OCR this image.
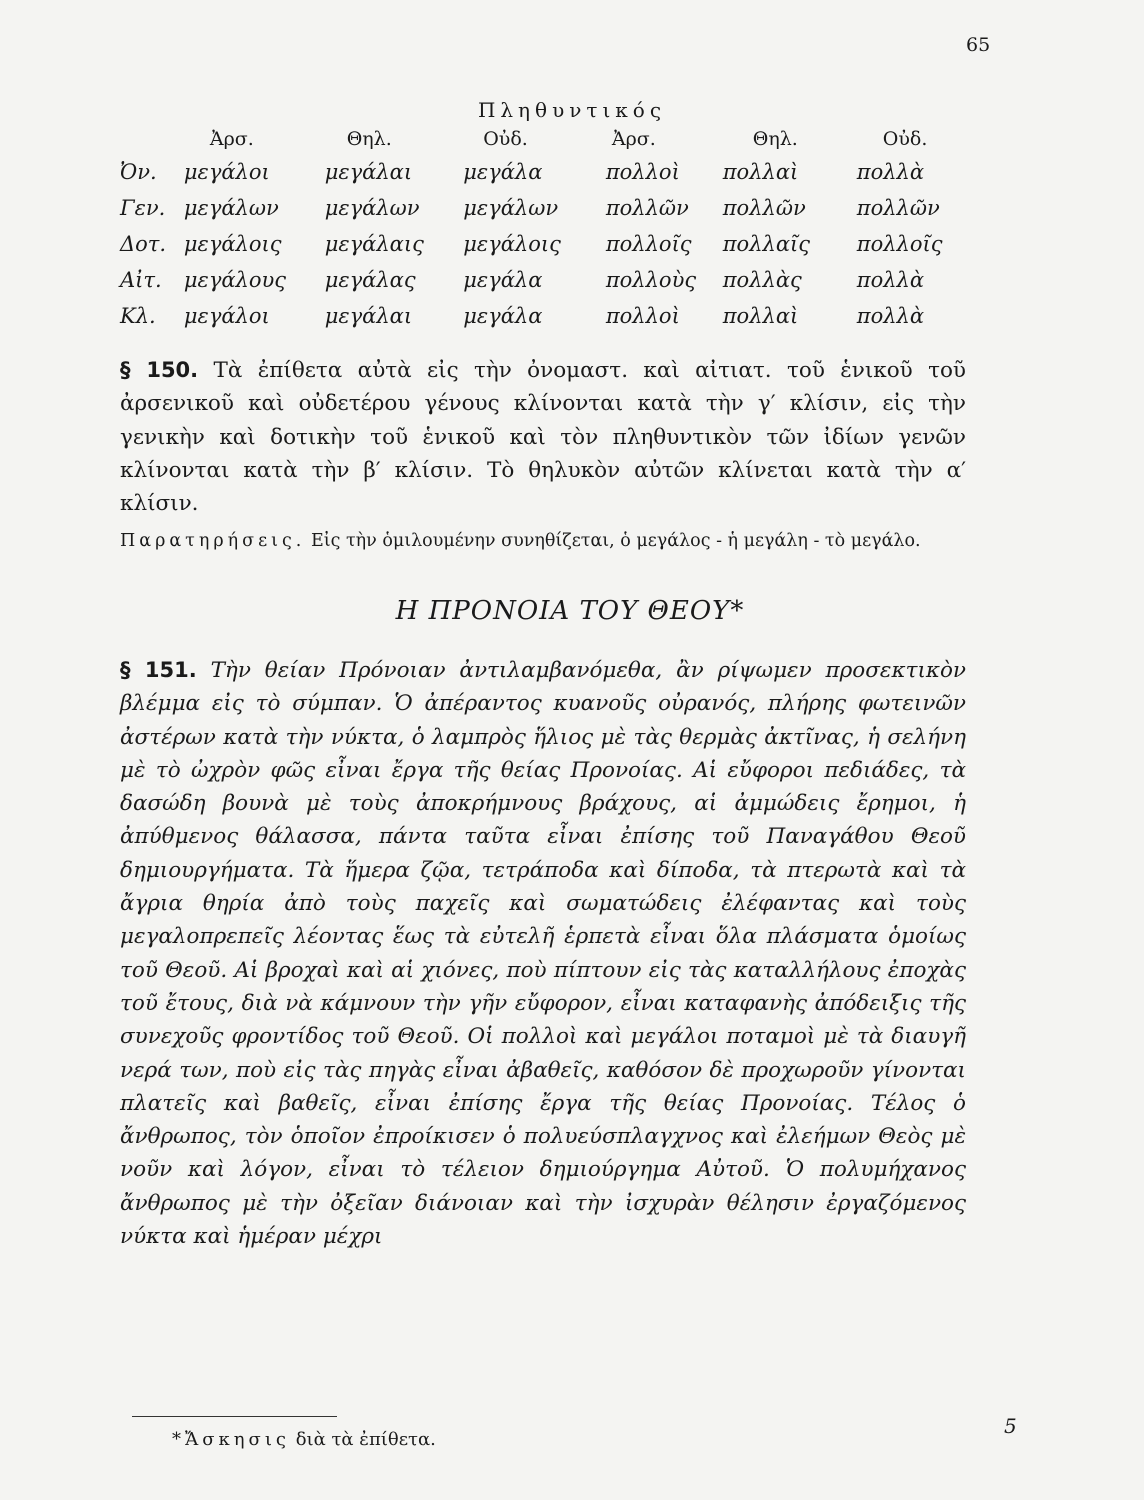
65
Πληθυντικός
	Ἀρσ.	Θηλ.	Οὐδ.	Ἀρσ.	Θηλ.	Οὐδ.
Ὀν.	μεγάλοι	μεγάλαι	μεγάλα	πολλοὶ	πολλαὶ	πολλὰ
Γεν.	μεγάλων	μεγάλων	μεγάλων	πολλῶν	πολλῶν	πολλῶν
Δοτ.	μεγάλοις	μεγάλαις	μεγάλοις	πολλοῖς	πολλαῖς	πολλοῖς
Αἰτ.	μεγάλους	μεγάλας	μεγάλα	πολλοὺς	πολλὰς	πολλὰ
Κλ.	μεγάλοι	μεγάλαι	μεγάλα	πολλοὶ	πολλαὶ	πολλὰ

§ 150. Τὰ ἐπίθετα αὐτὰ εἰς τὴν ὀνομαστ. καὶ αἰτιατ. τοῦ ἑνικοῦ τοῦ ἀρσενικοῦ καὶ οὐδετέρου γένους κλίνονται κατὰ τὴν γ′ κλίσιν, εἰς τὴν γενικὴν καὶ δοτικὴν τοῦ ἑνικοῦ καὶ τὸν πληθυντικὸν τῶν ἰδίων γενῶν κλίνονται κατὰ τὴν β′ κλίσιν. Τὸ θηλυκὸν αὐτῶν κλίνεται κατὰ τὴν α′ κλίσιν.

Παρατηρήσεις. Εἰς τὴν ὁμιλουμένην συνηθίζεται, ὁ μεγάλος - ἡ μεγάλη - τὸ μεγάλο.

Η ΠΡΟΝΟΙΑ ΤΟΥ ΘΕΟΥ*

§ 151. Τὴν θείαν Πρόνοιαν ἀντιλαμβανόμεθα, ἂν ρίψωμεν προσεκτικὸν βλέμμα εἰς τὸ σύμπαν. Ὁ ἀπέραντος κυανοῦς οὐρανός, πλήρης φωτεινῶν ἀστέρων κατὰ τὴν νύκτα, ὁ λαμπρὸς ἥλιος μὲ τὰς θερμὰς ἀκτῖνας, ἡ σελήνη μὲ τὸ ὠχρὸν φῶς εἶναι ἔργα τῆς θείας Προνοίας. Αἱ εὔφοροι πεδιάδες, τὰ δασώδη βουνὰ μὲ τοὺς ἀποκρήμνους βράχους, αἱ ἀμμώδεις ἔρημοι, ἡ ἀπύθμενος θάλασσα, πάντα ταῦτα εἶναι ἐπίσης τοῦ Παναγάθου Θεοῦ δημιουργήματα. Τὰ ἥμερα ζῷα, τετράποδα καὶ δίποδα, τὰ πτερωτὰ καὶ τὰ ἄγρια θηρία ἀπὸ τοὺς παχεῖς καὶ σωματώδεις ἐλέφαντας καὶ τοὺς μεγαλοπρεπεῖς λέοντας ἕως τὰ εὐτελῆ ἑρπετὰ εἶναι ὅλα πλάσματα ὁμοίως τοῦ Θεοῦ. Αἱ βροχαὶ καὶ αἱ χιόνες, ποὺ πίπτουν εἰς τὰς καταλλήλους ἐποχὰς τοῦ ἔτους, διὰ νὰ κάμνουν τὴν γῆν εὔφορον, εἶναι καταφανὴς ἀπόδειξις τῆς συνεχοῦς φροντίδος τοῦ Θεοῦ. Οἱ πολλοὶ καὶ μεγάλοι ποταμοὶ μὲ τὰ διαυγῆ νερά των, ποὺ εἰς τὰς πηγὰς εἶναι ἀβαθεῖς, καθόσον δὲ προχωροῦν γίνονται πλατεῖς καὶ βαθεῖς, εἶναι ἐπίσης ἔργα τῆς θείας Προνοίας. Τέλος ὁ ἄνθρωπος, τὸν ὁποῖον ἐπροίκισεν ὁ πολυεύσπλαγχνος καὶ ἐλεήμων Θεὸς μὲ νοῦν καὶ λόγον, εἶναι τὸ τέλειον δημιούργημα Αὐτοῦ. Ὁ πολυμήχανος ἄνθρωπος μὲ τὴν ὀξεῖαν διάνοιαν καὶ τὴν ἰσχυρὰν θέλησιν ἐργαζόμενος νύκτα καὶ ἡμέραν μέχρι

*Ἄσκησις διὰ τὰ ἐπίθετα.
5
